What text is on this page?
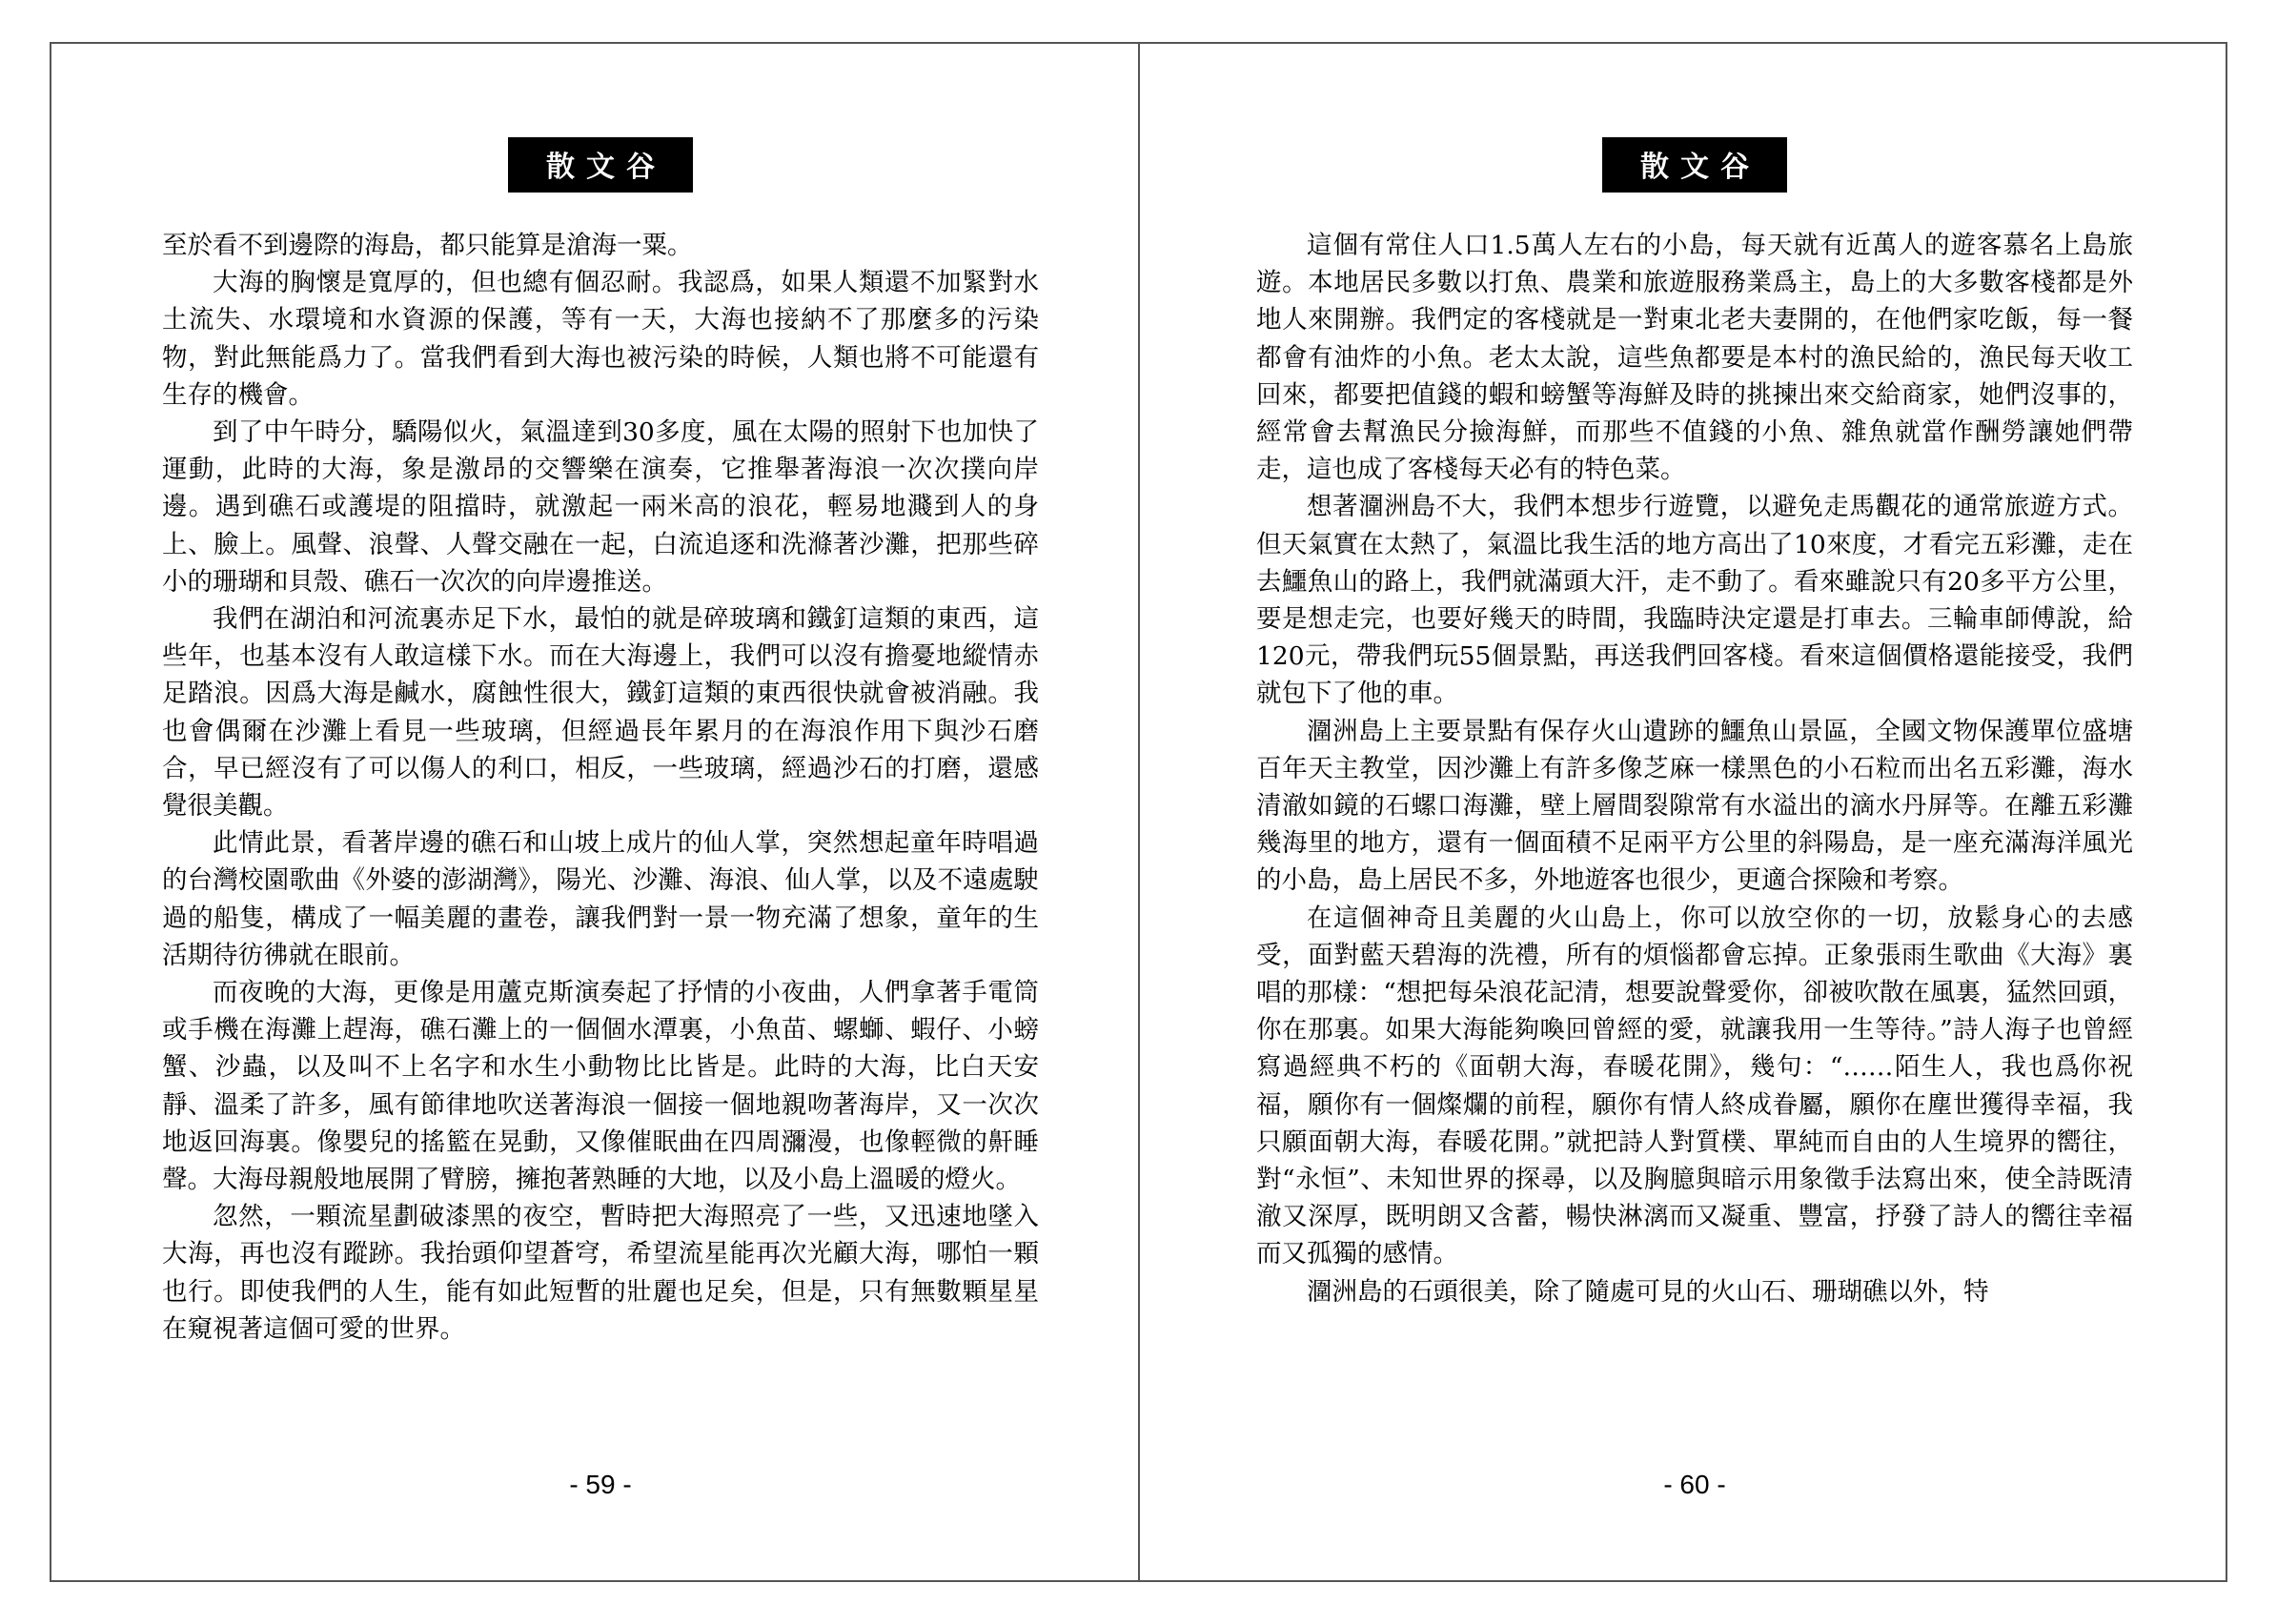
散文谷

至於看不到邊際的海島，都只能算是滄海一粟。

大海的胸懷是寬厚的，但也總有個忍耐。我認爲，如果人類還不加緊對水土流失、水環境和水資源的保護，等有一天，大海也接納不了那麼多的污染物，對此無能爲力了。當我們看到大海也被污染的時候，人類也將不可能還有生存的機會。

到了中午時分，驕陽似火，氣溫達到30多度，風在太陽的照射下也加快了運動，此時的大海，象是激昂的交響樂在演奏，它推舉著海浪一次次撲向岸邊。遇到礁石或護堤的阻擋時，就激起一兩米高的浪花，輕易地濺到人的身上、臉上。風聲、浪聲、人聲交融在一起，白流追逐和洗滌著沙灘，把那些碎小的珊瑚和貝殼、礁石一次次的向岸邊推送。

我們在湖泊和河流裏赤足下水，最怕的就是碎玻璃和鐵釘這類的東西，這些年，也基本沒有人敢這樣下水。而在大海邊上，我們可以沒有擔憂地縱情赤足踏浪。因爲大海是鹹水，腐蝕性很大，鐵釘這類的東西很快就會被消融。我也會偶爾在沙灘上看見一些玻璃，但經過長年累月的在海浪作用下與沙石磨合，早已經沒有了可以傷人的利口，相反，一些玻璃，經過沙石的打磨，還感覺很美觀。

此情此景，看著岸邊的礁石和山坡上成片的仙人掌，突然想起童年時唱過的台灣校園歌曲《外婆的澎湖灣》，陽光、沙灘、海浪、仙人掌，以及不遠處駛過的船隻，構成了一幅美麗的畫卷，讓我們對一景一物充滿了想象，童年的生活期待彷彿就在眼前。

而夜晚的大海，更像是用蘆克斯演奏起了抒情的小夜曲，人們拿著手電筒或手機在海灘上趕海，礁石灘上的一個個水潭裏，小魚苗、螺螄、蝦仔、小螃蟹、沙蟲，以及叫不上名字和水生小動物比比皆是。此時的大海，比白天安靜、溫柔了許多，風有節律地吹送著海浪一個接一個地親吻著海岸，又一次次地返回海裏。像嬰兒的搖籃在晃動，又像催眠曲在四周瀰漫，也像輕微的鼾睡聲。大海母親般地展開了臂膀，擁抱著熟睡的大地，以及小島上溫暖的燈火。

忽然，一顆流星劃破漆黑的夜空，暫時把大海照亮了一些，又迅速地墜入大海，再也沒有蹤跡。我抬頭仰望蒼穹，希望流星能再次光顧大海，哪怕一顆也行。即使我們的人生，能有如此短暫的壯麗也足矣，但是，只有無數顆星星在窺視著這個可愛的世界。

- 59 -
散文谷

這個有常住人口1.5萬人左右的小島，每天就有近萬人的遊客慕名上島旅遊。本地居民多數以打魚、農業和旅遊服務業爲主，島上的大多數客棧都是外地人來開辦。我們定的客棧就是一對東北老夫妻開的，在他們家吃飯，每一餐都會有油炸的小魚。老太太說，這些魚都要是本村的漁民給的，漁民每天收工回來，都要把值錢的蝦和螃蟹等海鮮及時的挑揀出來交給商家，她們沒事的，經常會去幫漁民分撿海鮮，而那些不值錢的小魚、雜魚就當作酬勞讓她們帶走，這也成了客棧每天必有的特色菜。

想著潿洲島不大，我們本想步行遊覽，以避免走馬觀花的通常旅遊方式。但天氣實在太熱了，氣溫比我生活的地方高出了10來度，才看完五彩灘，走在去鱷魚山的路上，我們就滿頭大汗，走不動了。看來雖說只有20多平方公里，要是想走完，也要好幾天的時間，我臨時決定還是打車去。三輪車師傅說，給120元，帶我們玩55個景點，再送我們回客棧。看來這個價格還能接受，我們就包下了他的車。

潿洲島上主要景點有保存火山遺跡的鱷魚山景區，全國文物保護單位盛塘百年天主教堂，因沙灘上有許多像芝麻一樣黑色的小石粒而出名五彩灘，海水清澈如鏡的石螺口海灘，壁上層間裂隙常有水溢出的滴水丹屏等。在離五彩灘幾海里的地方，還有一個面積不足兩平方公里的斜陽島，是一座充滿海洋風光的小島，島上居民不多，外地遊客也很少，更適合探險和考察。

在這個神奇且美麗的火山島上，你可以放空你的一切，放鬆身心的去感受，面對藍天碧海的洗禮，所有的煩惱都會忘掉。正象張雨生歌曲《大海》裏唱的那樣：“想把每朵浪花記清，想要說聲愛你，卻被吹散在風裏，猛然回頭，你在那裏。如果大海能夠喚回曾經的愛，就讓我用一生等待。”詩人海子也曾經寫過經典不朽的《面朝大海，春暖花開》，幾句：“……陌生人，我也爲你祝福，願你有一個燦爛的前程，願你有情人終成眷屬，願你在塵世獲得幸福，我只願面朝大海，春暖花開。”就把詩人對質樸、單純而自由的人生境界的嚮往，對“永恒”、未知世界的探尋，以及胸臆與暗示用象徵手法寫出來，使全詩既清澈又深厚，既明朗又含蓄，暢快淋漓而又凝重、豐富，抒發了詩人的嚮往幸福而又孤獨的感情。

潿洲島的石頭很美，除了隨處可見的火山石、珊瑚礁以外，特

- 60 -
